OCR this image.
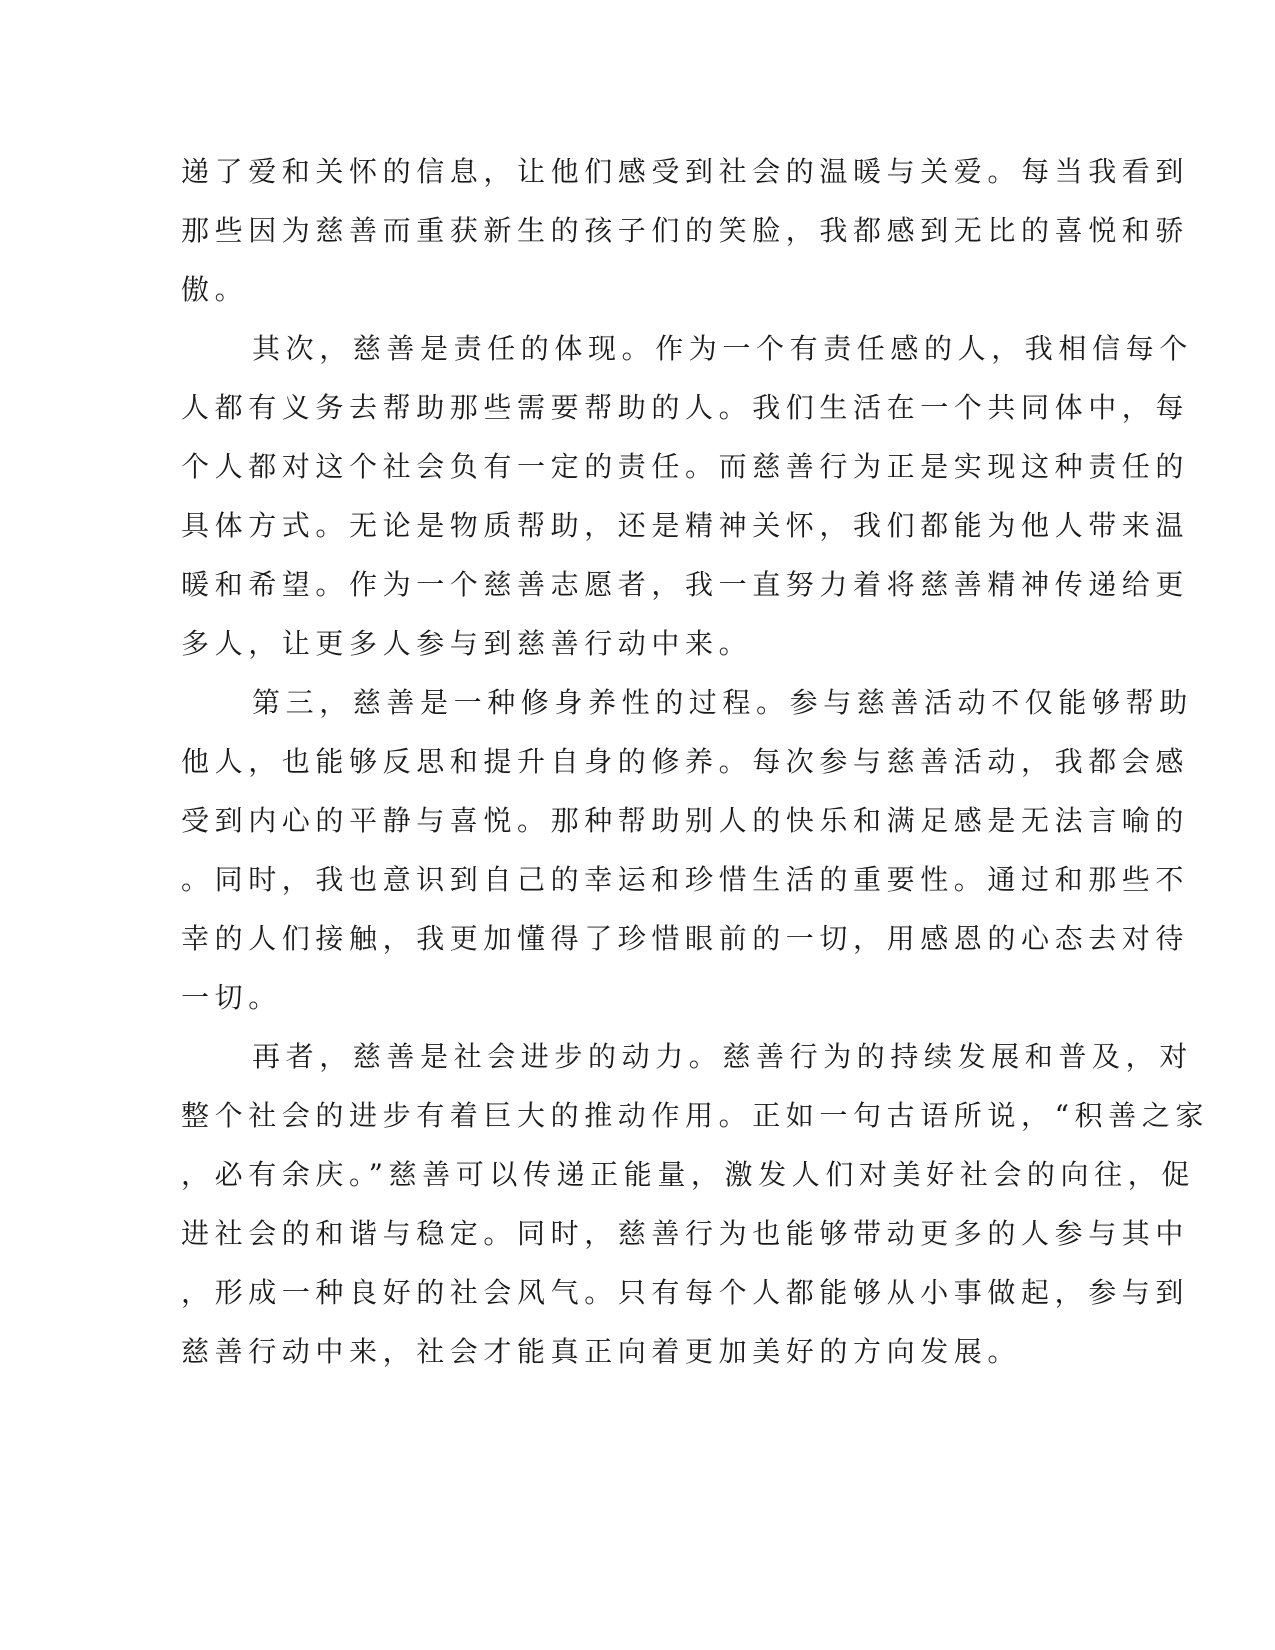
递了爱和关怀的信息，让他们感受到社会的温暖与关爱。每当我看到
那些因为慈善而重获新生的孩子们的笑脸，我都感到无比的喜悦和骄
傲。
其次，慈善是责任的体现。作为一个有责任感的人，我相信每个
人都有义务去帮助那些需要帮助的人。我们生活在一个共同体中，每
个人都对这个社会负有一定的责任。而慈善行为正是实现这种责任的
具体方式。无论是物质帮助，还是精神关怀，我们都能为他人带来温
暖和希望。作为一个慈善志愿者，我一直努力着将慈善精神传递给更
多人，让更多人参与到慈善行动中来。
第三，慈善是一种修身养性的过程。参与慈善活动不仅能够帮助
他人，也能够反思和提升自身的修养。每次参与慈善活动，我都会感
受到内心的平静与喜悦。那种帮助别人的快乐和满足感是无法言喻的
。同时，我也意识到自己的幸运和珍惜生活的重要性。通过和那些不
幸的人们接触，我更加懂得了珍惜眼前的一切，用感恩的心态去对待
一切。
再者，慈善是社会进步的动力。慈善行为的持续发展和普及，对
整个社会的进步有着巨大的推动作用。正如一句古语所说，“积善之家
，必有余庆。”慈善可以传递正能量，激发人们对美好社会的向往，促
进社会的和谐与稳定。同时，慈善行为也能够带动更多的人参与其中
，形成一种良好的社会风气。只有每个人都能够从小事做起，参与到
慈善行动中来，社会才能真正向着更加美好的方向发展。
